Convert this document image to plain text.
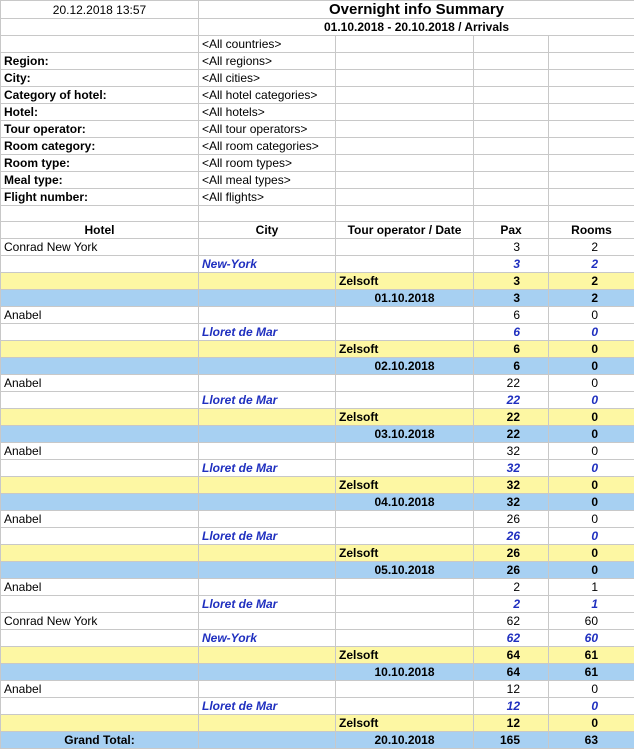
20.12.2018 13:57	Overnight info Summary			
	01.10.2018 - 20.10.2018 / Arrivals			
	<All countries>			
Region:	<All regions>			
City:	<All cities>			
Category of hotel:	<All hotel categories>			
Hotel:	<All hotels>			
Tour operator:	<All tour operators>			
Room category:	<All room categories>			
Room type:	<All room types>			
Meal type:	<All meal types>			
Flight number:	<All flights>			

Hotel	City	Tour operator / Date	Pax	Rooms
Conrad New York			3	2
	New-York		3	2
		Zelsoft	3	2
		01.10.2018	3	2
Anabel			6	0
	Lloret de Mar		6	0
		Zelsoft	6	0
		02.10.2018	6	0
Anabel			22	0
	Lloret de Mar		22	0
		Zelsoft	22	0
		03.10.2018	22	0
Anabel			32	0
	Lloret de Mar		32	0
		Zelsoft	32	0
		04.10.2018	32	0
Anabel			26	0
	Lloret de Mar		26	0
		Zelsoft	26	0
		05.10.2018	26	0
Anabel			2	1
	Lloret de Mar		2	1
Conrad New York			62	60
	New-York		62	60
		Zelsoft	64	61
		10.10.2018	64	61
Anabel			12	0
	Lloret de Mar		12	0
		Zelsoft	12	0
Grand Total:		20.10.2018	165	63
